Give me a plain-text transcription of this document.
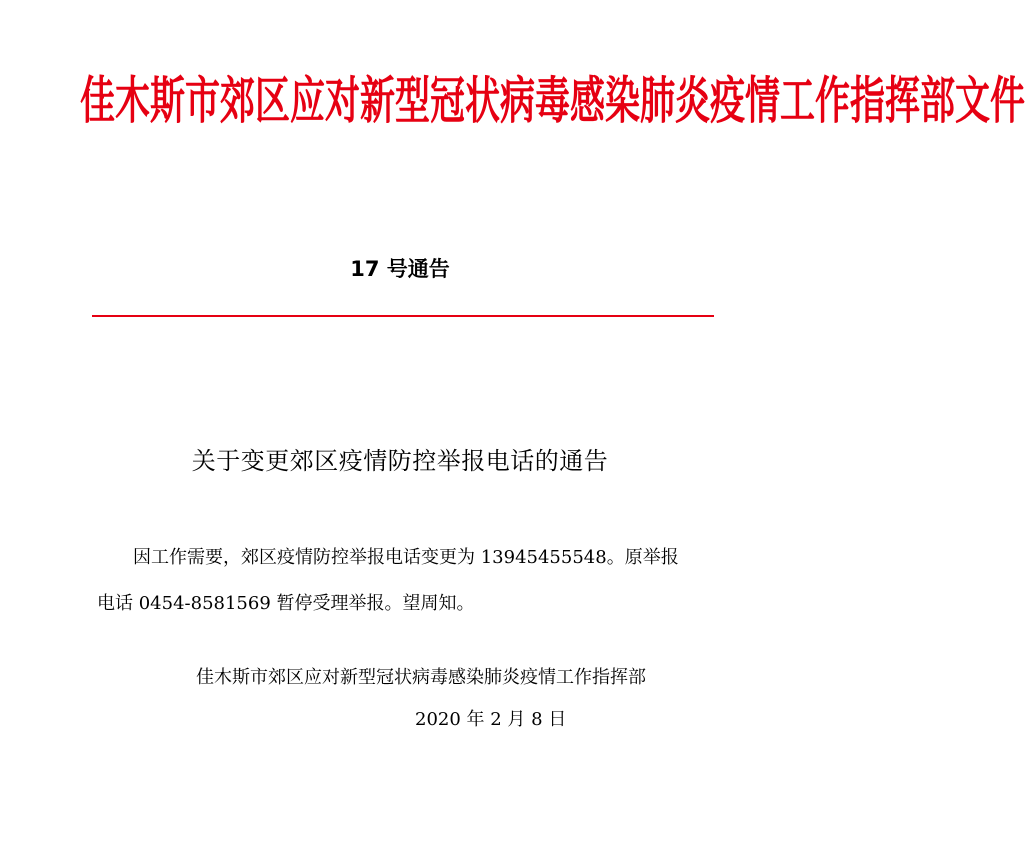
佳木斯市郊区应对新型冠状病毒感染肺炎疫情工作指挥部文件
17 号通告
关于变更郊区疫情防控举报电话的通告

因工作需要，郊区疫情防控举报电话变更为 13945455548。原举报
电话 0454-8581569 暂停受理举报。望周知。

佳木斯市郊区应对新型冠状病毒感染肺炎疫情工作指挥部
2020 年 2 月 8 日
